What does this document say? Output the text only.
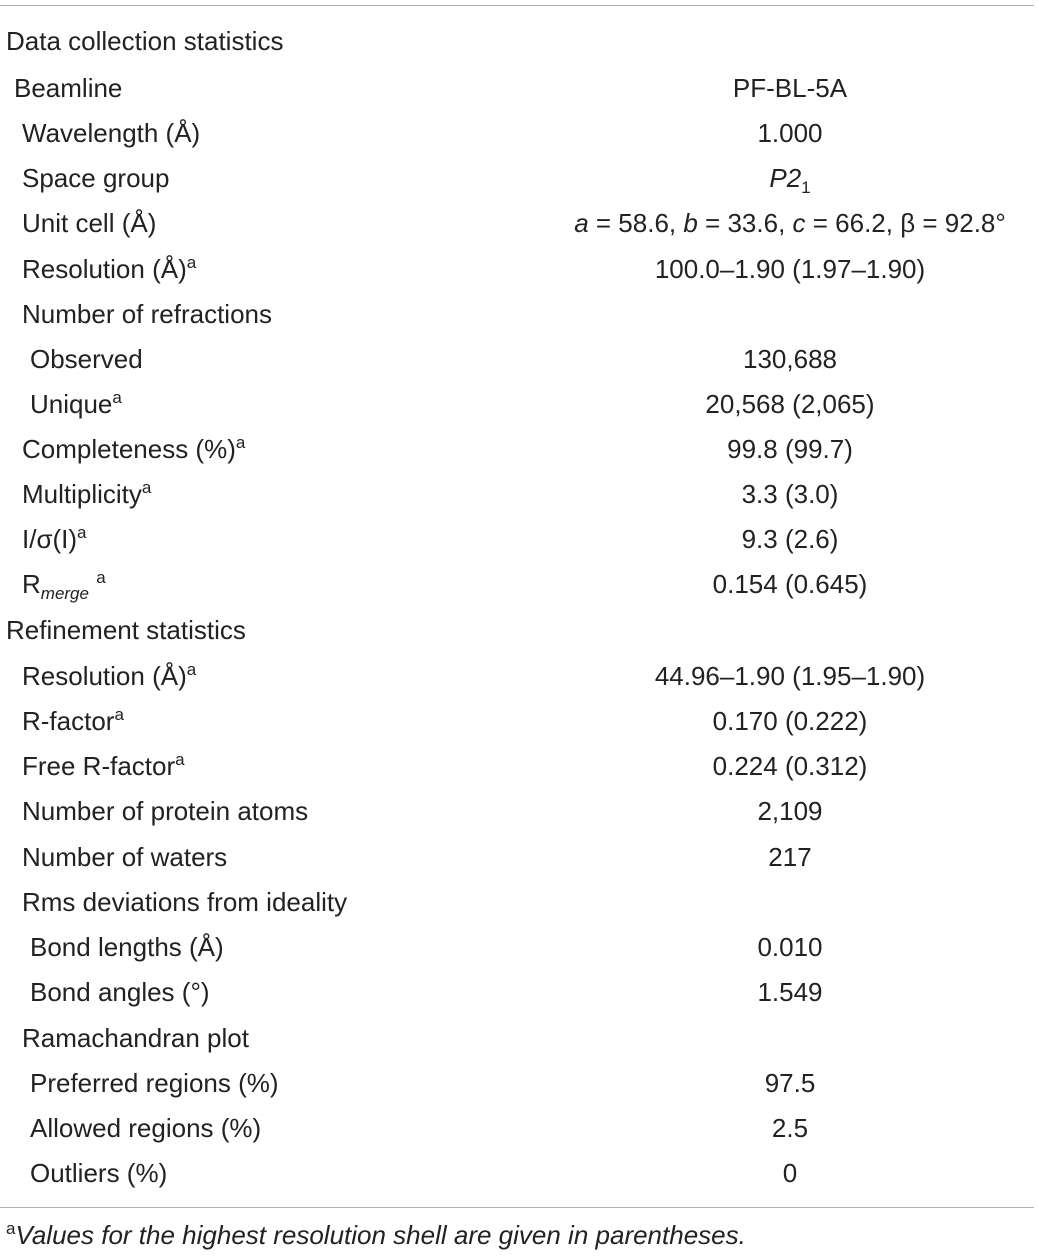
Data collection statistics
Beamline	PF-BL-5A
Wavelength (Å)	1.000
Space group	$P2_1$
Unit cell (Å)	a = 58.6, b = 33.6, c = 66.2, β = 92.8°
Resolution (Å)$^a$	100.0–1.90 (1.97–1.90)
Number of refractions
Observed	130,688
Unique$^a$	20,568 (2,065)
Completeness (%)$^a$	99.8 (99.7)
Multiplicity$^a$	3.3 (3.0)
$I/\sigma(I)^a$	9.3 (2.6)
$R_{merge}$ $^a$	0.154 (0.645)
Refinement statistics
Resolution (Å)$^a$	44.96–1.90 (1.95–1.90)
R-factor$^a$	0.170 (0.222)
Free R-factor$^a$	0.224 (0.312)
Number of protein atoms	2,109
Number of waters	217
Rms deviations from ideality
Bond lengths (Å)	0.010
Bond angles (°)	1.549
Ramachandran plot
Preferred regions (%)	97.5
Allowed regions (%)	2.5
Outliers (%)	0
$^a$Values for the highest resolution shell are given in parentheses.
